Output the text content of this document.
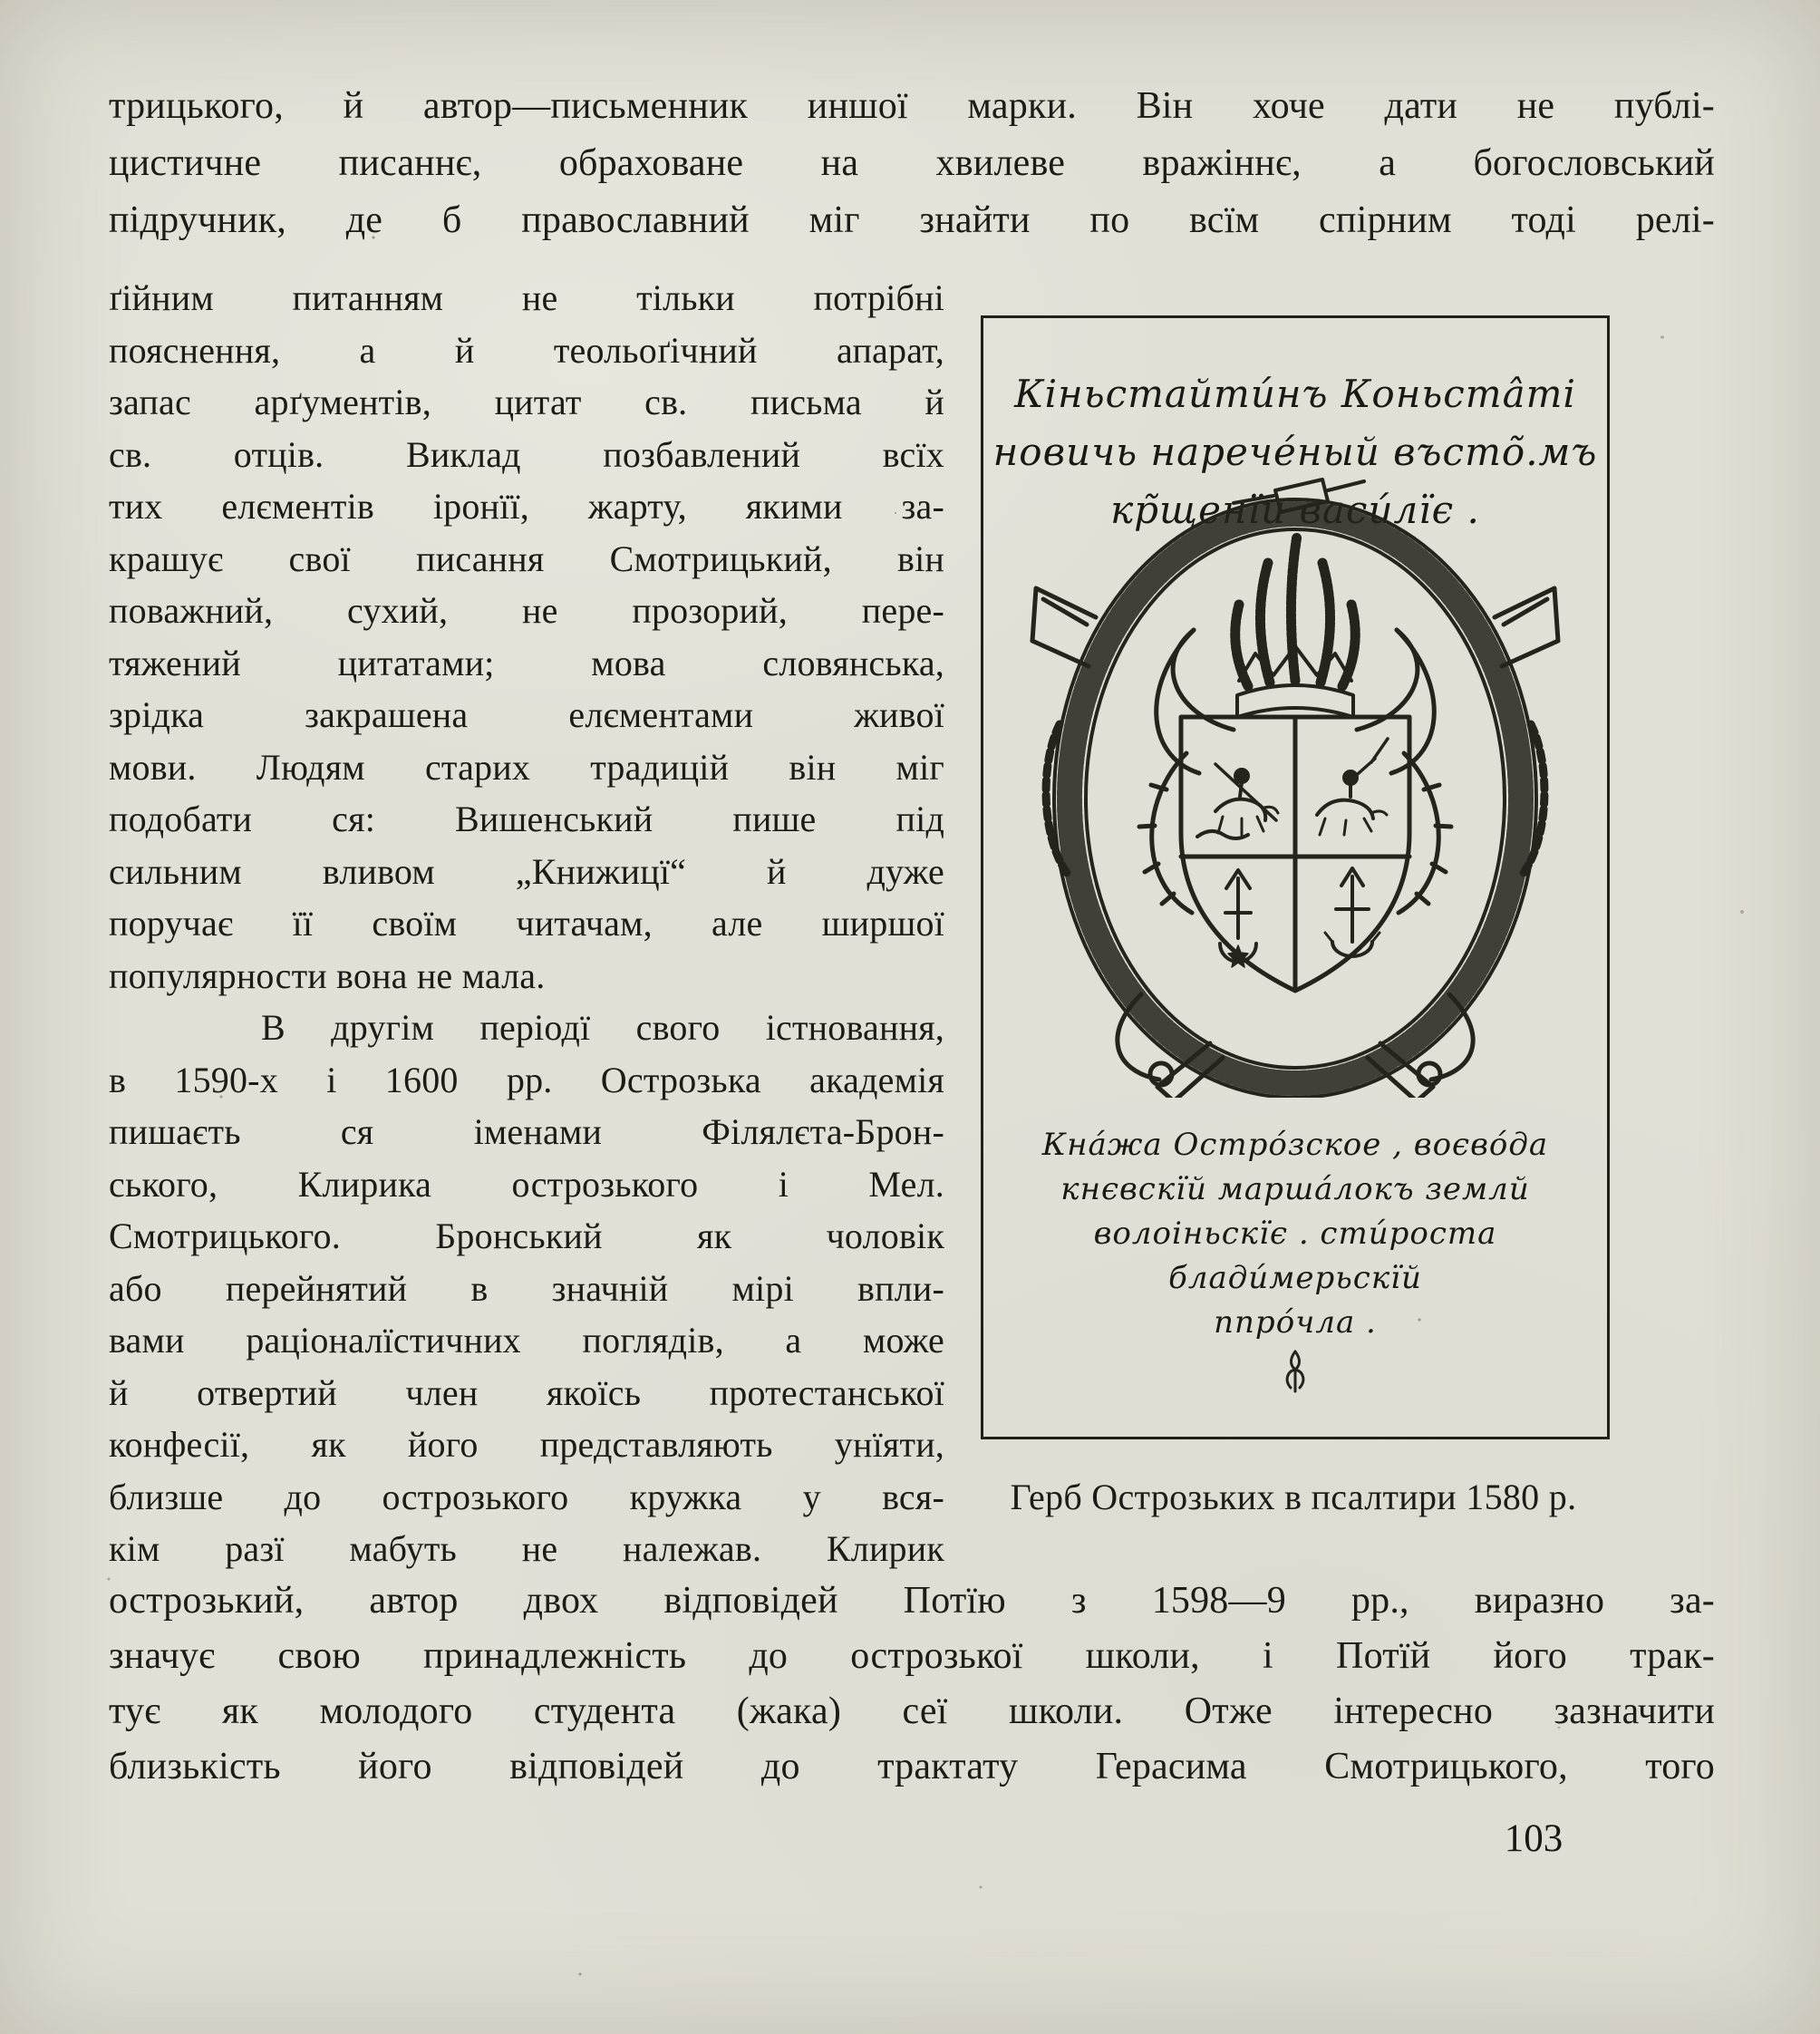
трицького, й автор—письменник иншої марки. Він хоче дати не публі-
цистичне писаннє, обраховане на хвилеве вражіннє, а богословський
підручник, де б православний міг знайти по всїм спірним тоді релі-
ґійним питанням не тільки потрібні
пояснення, а й теольоґічний апарат,
запас арґументів, цитат св. письма й
св. отців. Виклад позбавлений всїх
тих елєментів іронїї, жарту, якими за-
крашує свої писання Смотрицький, він
поважний, сухий, не прозорий, пере-
тяжений цитатами; мова словянська,
зрідка закрашена елєментами живої
мови. Людям старих традицій він міг
подобати ся: Вишенський пише під
сильним вливом „Книжицї“ й дуже
поручає її своїм читачам, але ширшої
популярности вона не мала.
В другім періодї свого істновання,
в 1590-х і 1600 рр. Острозька академія
пишаєть ся іменами Філялєта-Брон-
ського, Клирика острозького і Мел.
Смотрицького. Бронський як чоловік
або перейнятий в значній мірі впли-
вами раціоналїстичних поглядів, а може
й отвертий член якоїсь протестанської
конфесії, як його представляють унїяти,
близше до острозького кружка у вся-
кім разї мабуть не належав. Клирик
Кіньстайти́нъ Коньста̂ті
новичь нарече́ный въсто̃.мъ
кр̃щенїи васи́лїє .
Кна́жа Остро́зское , воєво́да
кнєвскїй марша́локъ землй
волоіньскїє . сти́роста
блади́мерьскїй
ппро́чла .
Герб Острозьких в псалтири 1580 р.
острозький, автор двох відповідей Потїю з 1598—9 рр., виразно за-
значує свою принадлежність до острозької школи, і Потїй його трак-
тує як молодого студента (жака) сеї школи. Отже інтересно зазначити
близькість його відповідей до трактату Герасима Смотрицького, того
103
